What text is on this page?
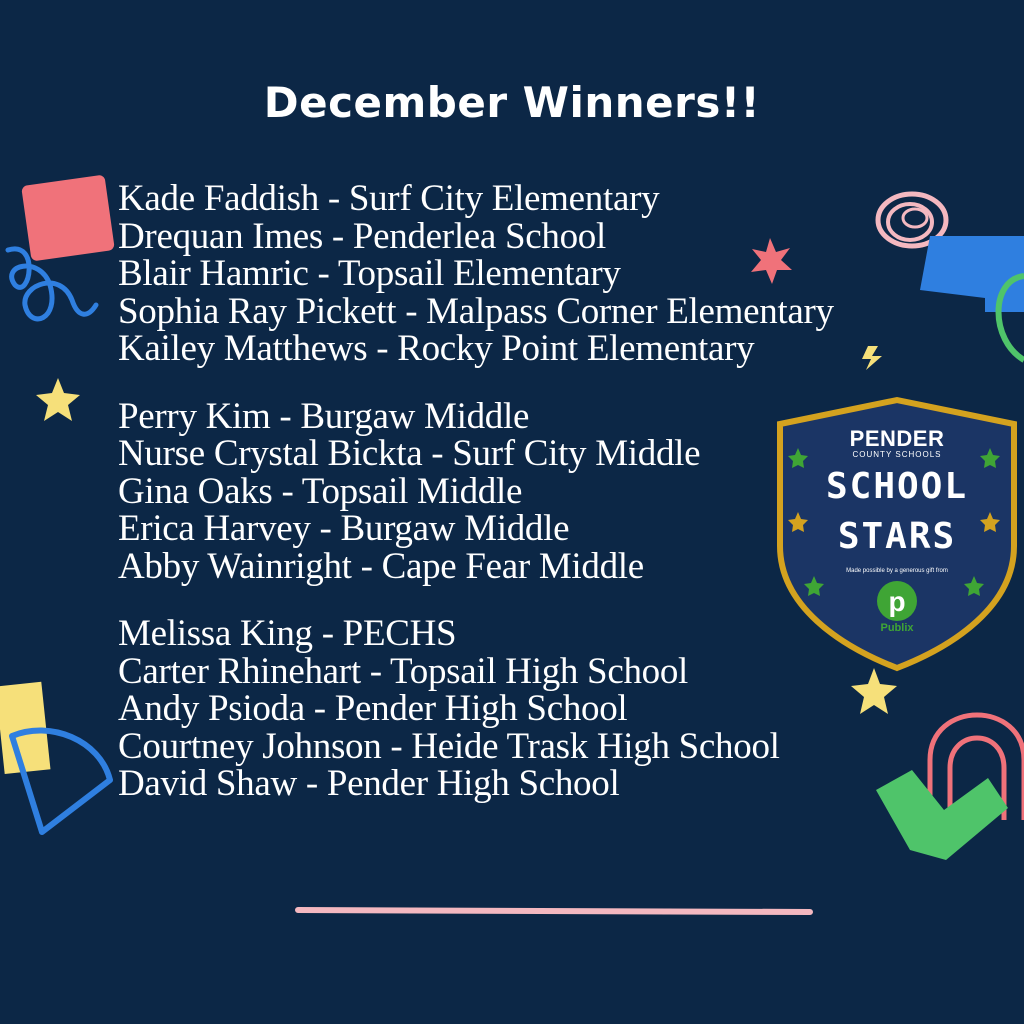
December Winners!!
Kade Faddish - Surf City Elementary
Drequan Imes - Penderlea School
Blair Hamric - Topsail Elementary
Sophia Ray Pickett - Malpass Corner Elementary
Kailey Matthews - Rocky Point Elementary
Perry Kim - Burgaw Middle
Nurse Crystal Bickta - Surf City Middle
Gina Oaks - Topsail Middle
Erica Harvey - Burgaw Middle
Abby Wainright - Cape Fear Middle
Melissa King - PECHS
Carter Rhinehart - Topsail High School
Andy Psioda - Pender High School
Courtney Johnson - Heide Trask High School
David Shaw - Pender High School
p
PENDER
COUNTY SCHOOLS
SCHOOL
STARS
Made possible by a generous gift from
Publix
